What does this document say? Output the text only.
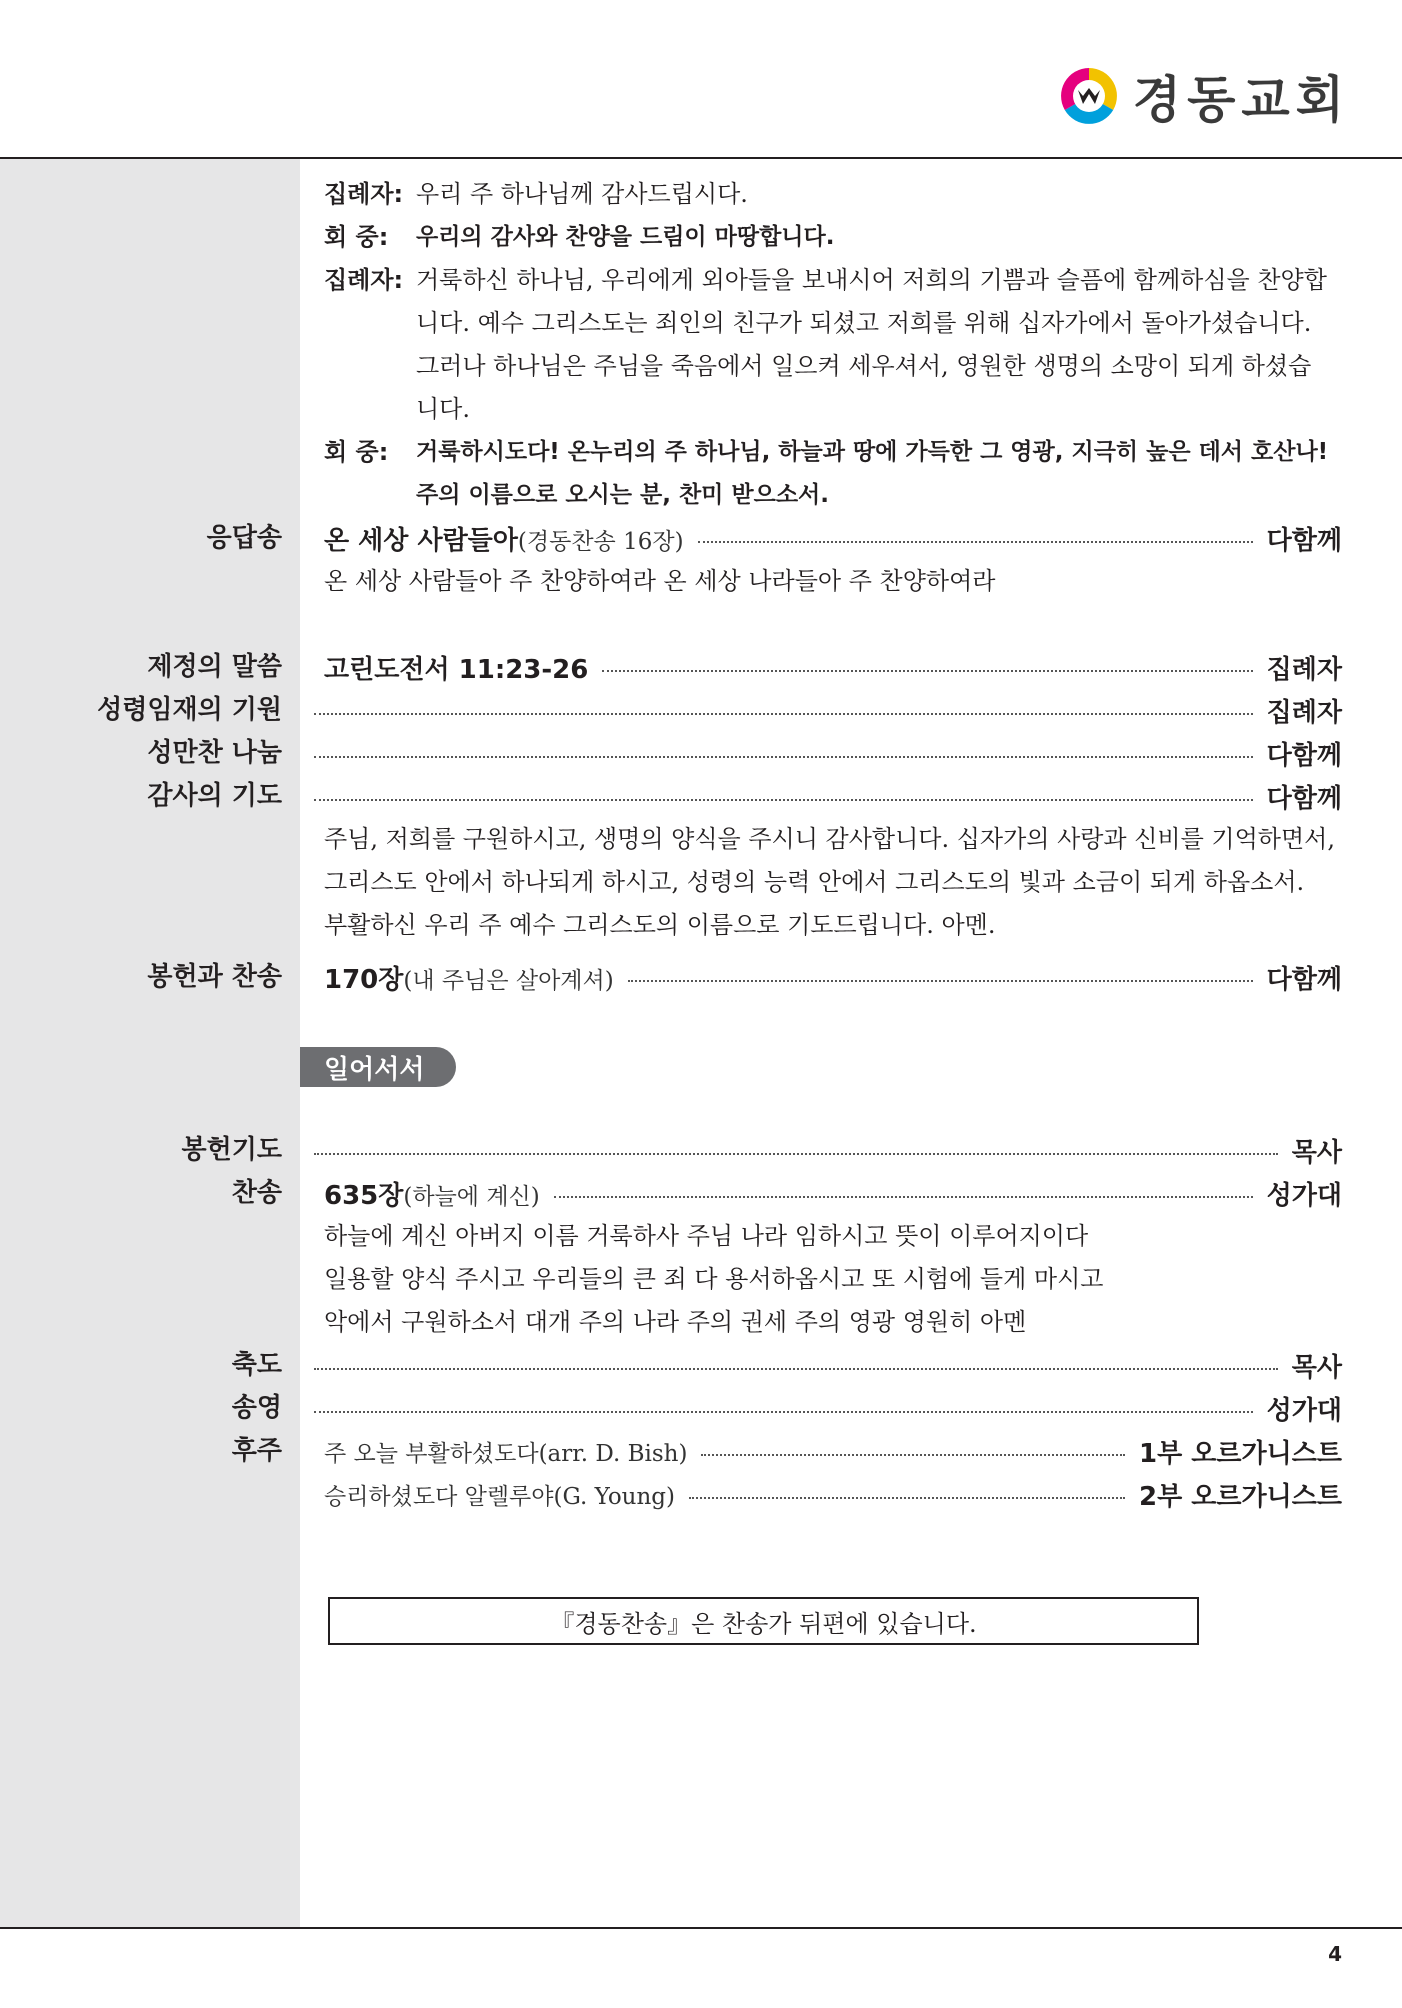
경동교회
집례자: 우리 주 하나님께 감사드립시다.
회 중: 우리의 감사와 찬양을 드림이 마땅합니다.
집례자: 거룩하신 하나님, 우리에게 외아들을 보내시어 저희의 기쁨과 슬픔에 함께하심을 찬양합
니다. 예수 그리스도는 죄인의 친구가 되셨고 저희를 위해 십자가에서 돌아가셨습니다.
그러나 하나님은 주님을 죽음에서 일으켜 세우셔서, 영원한 생명의 소망이 되게 하셨습
니다.
회 중: 거룩하시도다! 온누리의 주 하나님, 하늘과 땅에 가득한 그 영광, 지극히 높은 데서 호산나!
주의 이름으로 오시는 분, 찬미 받으소서.
응답송 온 세상 사람들아(경동찬송 16장)	다함께
온 세상 사람들아 주 찬양하여라 온 세상 나라들아 주 찬양하여라
제정의 말씀 고린도전서 11:23-26	집례자
성령임재의 기원	집례자
성만찬 나눔	다함께
감사의 기도	다함께
주님, 저희를 구원하시고, 생명의 양식을 주시니 감사합니다. 십자가의 사랑과 신비를 기억하면서,
그리스도 안에서 하나되게 하시고, 성령의 능력 안에서 그리스도의 빛과 소금이 되게 하옵소서.
부활하신 우리 주 예수 그리스도의 이름으로 기도드립니다. 아멘.
봉헌과 찬송 170장(내 주님은 살아계셔)	다함께
일어서서
봉헌기도	목사
찬송 635장(하늘에 계신)	성가대
하늘에 계신 아버지 이름 거룩하사 주님 나라 임하시고 뜻이 이루어지이다
일용할 양식 주시고 우리들의 큰 죄 다 용서하옵시고 또 시험에 들게 마시고
악에서 구원하소서 대개 주의 나라 주의 권세 주의 영광 영원히 아멘
축도	목사
송영	성가대
후주 주 오늘 부활하셨도다(arr. D. Bish)	1부 오르가니스트
승리하셨도다 알렐루야(G. Young)	2부 오르가니스트
『경동찬송』은 찬송가 뒤편에 있습니다.
4
